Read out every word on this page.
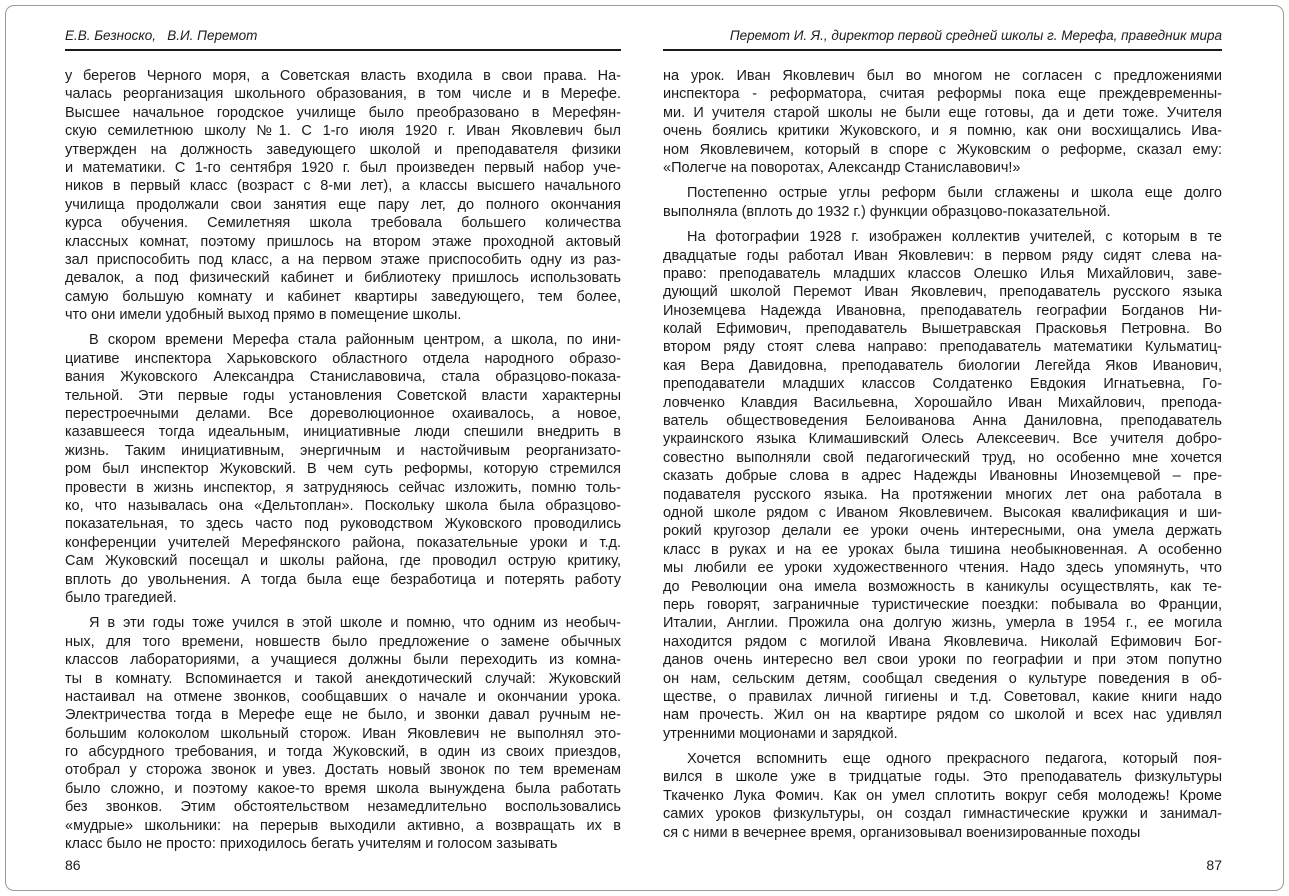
Е.В. Безноско,   В.И. Перемот
у берегов Черного моря, а Советская власть входила в свои права. На-
чалась реорганизация школьного образования, в том числе и в Мерефе.
Высшее начальное городское училище было преобразовано в Мерефян-
скую семилетнюю школу №1. С 1-го июля 1920 г. Иван Яковлевич был
утвержден на должность заведующего школой и преподавателя физики
и математики. С 1-го сентября 1920 г. был произведен первый набор уче-
ников в первый класс (возраст с 8-ми лет), а классы высшего начального
училища продолжали свои занятия еще пару лет, до полного окончания
курса обучения. Семилетняя школа требовала большего количества
классных комнат, поэтому пришлось на втором этаже проходной актовый
зал приспособить под класс, а на первом этаже приспособить одну из раз-
девалок, а под физический кабинет и библиотеку пришлось использовать
самую большую комнату и кабинет квартиры заведующего, тем более,
что они имели удобный выход прямо в помещение школы.
В скором времени Мерефа стала районным центром, а школа, по ини-
циативе инспектора Харьковского областного отдела народного образо-
вания Жуковского Александра Станиславовича, стала образцово-показа-
тельной. Эти первые годы установления Советской власти характерны
перестроечными делами. Все дореволюционное охаивалось, а новое,
казавшееся тогда идеальным, инициативные люди спешили внедрить в
жизнь. Таким инициативным, энергичным и настойчивым реорганизато-
ром был инспектор Жуковский. В чем суть реформы, которую стремился
провести в жизнь инспектор, я затрудняюсь сейчас изложить, помню толь-
ко, что называлась она «Дельтоплан». Поскольку школа была образцово-
показательная, то здесь часто под руководством Жуковского проводились
конференции учителей Мерефянского района, показательные уроки и т.д.
Сам Жуковский посещал и школы района, где проводил острую критику,
вплоть до увольнения. А тогда была еще безработица и потерять работу
было трагедией.
Я в эти годы тоже учился в этой школе и помню, что одним из необыч-
ных, для того времени, новшеств было предложение о замене обычных
классов лабораториями, а учащиеся должны были переходить из комна-
ты в комнату. Вспоминается и такой анекдотический случай: Жуковский
настаивал на отмене звонков, сообщавших о начале и окончании урока.
Электричества тогда в Мерефе еще не было, и звонки давал ручным не-
большим колоколом школьный сторож. Иван Яковлевич не выполнял это-
го абсурдного требования, и тогда Жуковский, в один из своих приездов,
отобрал у сторожа звонок и увез. Достать новый звонок по тем временам
было сложно, и поэтому какое-то время школа вынуждена была работать
без звонков. Этим обстоятельством незамедлительно воспользовались
«мудрые» школьники: на перерыв выходили активно, а возвращать их в
класс было не просто: приходилось бегать учителям и голосом зазывать
86
Перемот И. Я., директор первой средней школы г. Мерефа, праведник мира
на урок. Иван Яковлевич был во многом не согласен с предложениями
инспектора - реформатора, считая реформы пока еще преждевременны-
ми. И учителя старой школы не были еще готовы, да и дети тоже. Учителя
очень боялись критики Жуковского, и я помню, как они восхищались Ива-
ном Яковлевичем, который в споре с Жуковским о реформе, сказал ему:
«Полегче на поворотах, Александр Станиславович!»
Постепенно острые углы реформ были сглажены и школа еще долго
выполняла (вплоть до 1932 г.) функции образцово-показательной.
На фотографии 1928 г. изображен коллектив учителей, с которым в те
двадцатые годы работал Иван Яковлевич: в первом ряду сидят слева на-
право: преподаватель младших классов Олешко Илья Михайлович, заве-
дующий школой Перемот Иван Яковлевич, преподаватель русского языка
Иноземцева Надежда Ивановна, преподаватель географии Богданов Ни-
колай Ефимович, преподаватель Вышетравская Прасковья Петровна. Во
втором ряду стоят слева направо: преподаватель математики Кульматиц-
кая Вера Давидовна, преподаватель биологии Легейда Яков Иванович,
преподаватели младших классов Солдатенко Евдокия Игнатьевна, Го-
ловченко Клавдия Васильевна, Хорошайло Иван Михайлович, препода-
ватель обществоведения Белоиванова Анна Даниловна, преподаватель
украинского языка Климашивский Олесь Алексеевич. Все учителя добро-
совестно выполняли свой педагогический труд, но особенно мне хочется
сказать добрые слова в адрес Надежды Ивановны Иноземцевой – пре-
подавателя русского языка. На протяжении многих лет она работала в
одной школе рядом с Иваном Яковлевичем. Высокая квалификация и ши-
рокий кругозор делали ее уроки очень интересными, она умела держать
класс в руках и на ее уроках была тишина необыкновенная. А особенно
мы любили ее уроки художественного чтения. Надо здесь упомянуть, что
до Революции она имела возможность в каникулы осуществлять, как те-
перь говорят, заграничные туристические поездки: побывала во Франции,
Италии, Англии. Прожила она долгую жизнь, умерла в 1954 г., ее могила
находится рядом с могилой Ивана Яковлевича. Николай Ефимович Бог-
данов очень интересно вел свои уроки по географии и при этом попутно
он нам, сельским детям, сообщал сведения о культуре поведения в об-
ществе, о правилах личной гигиены и т.д. Советовал, какие книги надо
нам прочесть. Жил он на квартире рядом со школой и всех нас удивлял
утренними моционами и зарядкой.
Хочется вспомнить еще одного прекрасного педагога, который поя-
вился в школе уже в тридцатые годы. Это преподаватель физкультуры
Ткаченко Лука Фомич. Как он умел сплотить вокруг себя молодежь! Кроме
самих уроков физкультуры, он создал гимнастические кружки и занимал-
ся с ними в вечернее время, организовывал военизированные походы
87
